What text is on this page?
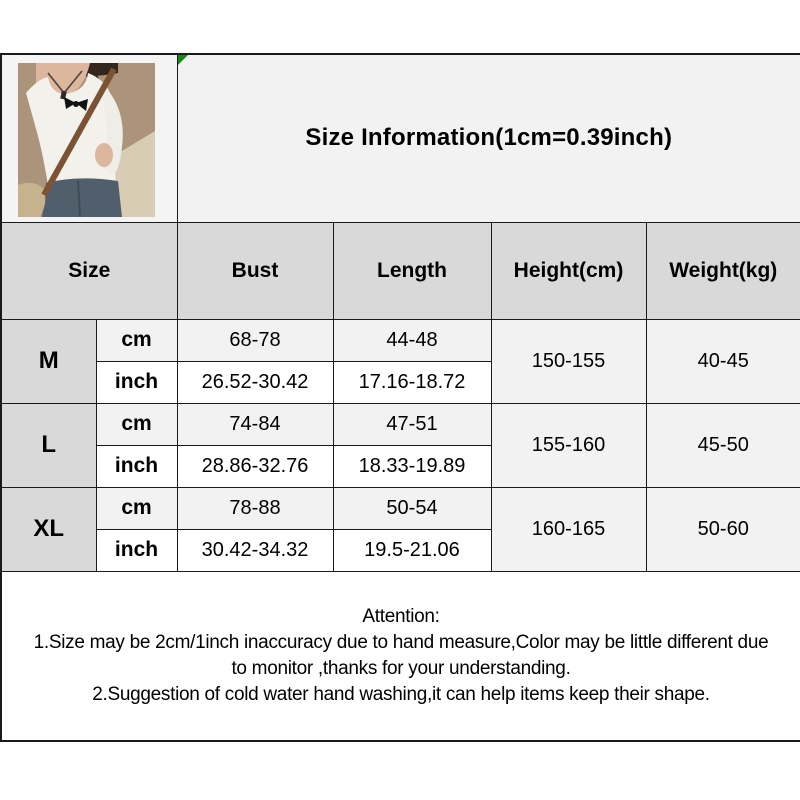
Size Information(1cm=0.39inch)			
Size		Bust	Length	Height(cm)	Weight(kg)
M	cm	68-78	44-48	150-155	40-45
	inch	26.52-30.42	17.16-18.72		
L	cm	74-84	47-51	155-160	45-50
	inch	28.86-32.76	18.33-19.89		
XL	cm	78-88	50-54	160-165	50-60
	inch	30.42-34.32	19.5-21.06		

Attention:
1.Size may be 2cm/1inch inaccuracy due to hand measure,Color may be little different due
to monitor ,thanks for your understanding.
2.Suggestion of cold water hand washing,it can help items keep their shape.					
